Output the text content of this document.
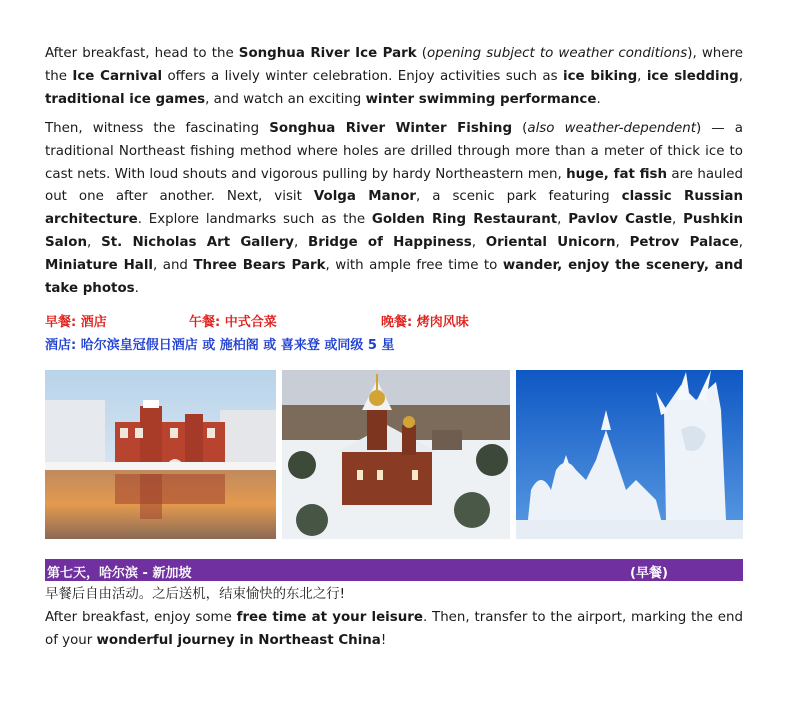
After breakfast, head to the Songhua River Ice Park (opening subject to weather conditions), where the Ice Carnival offers a lively winter celebration. Enjoy activities such as ice biking, ice sledding, traditional ice games, and watch an exciting winter swimming performance.

Then, witness the fascinating Songhua River Winter Fishing (also weather-dependent) — a traditional Northeast fishing method where holes are drilled through more than a meter of thick ice to cast nets. With loud shouts and vigorous pulling by hardy Northeastern men, huge, fat fish are hauled out one after another. Next, visit Volga Manor, a scenic park featuring classic Russian architecture. Explore landmarks such as the Golden Ring Restaurant, Pavlov Castle, Pushkin Salon, St. Nicholas Art Gallery, Bridge of Happiness, Oriental Unicorn, Petrov Palace, Miniature Hall, and Three Bears Park, with ample free time to wander, enjoy the scenery, and take photos.

早餐: 酒店	午餐: 中式合菜	晚餐: 烤肉风味
酒店: 哈尔滨皇冠假日酒店 或 施柏阁 或 喜来登 或同级 5 星
第七天，哈尔滨 - 新加坡	(早餐)
早餐后自由活动。之后送机，结束愉快的东北之行!

After breakfast, enjoy some free time at your leisure. Then, transfer to the airport, marking the end of your wonderful journey in Northeast China!
